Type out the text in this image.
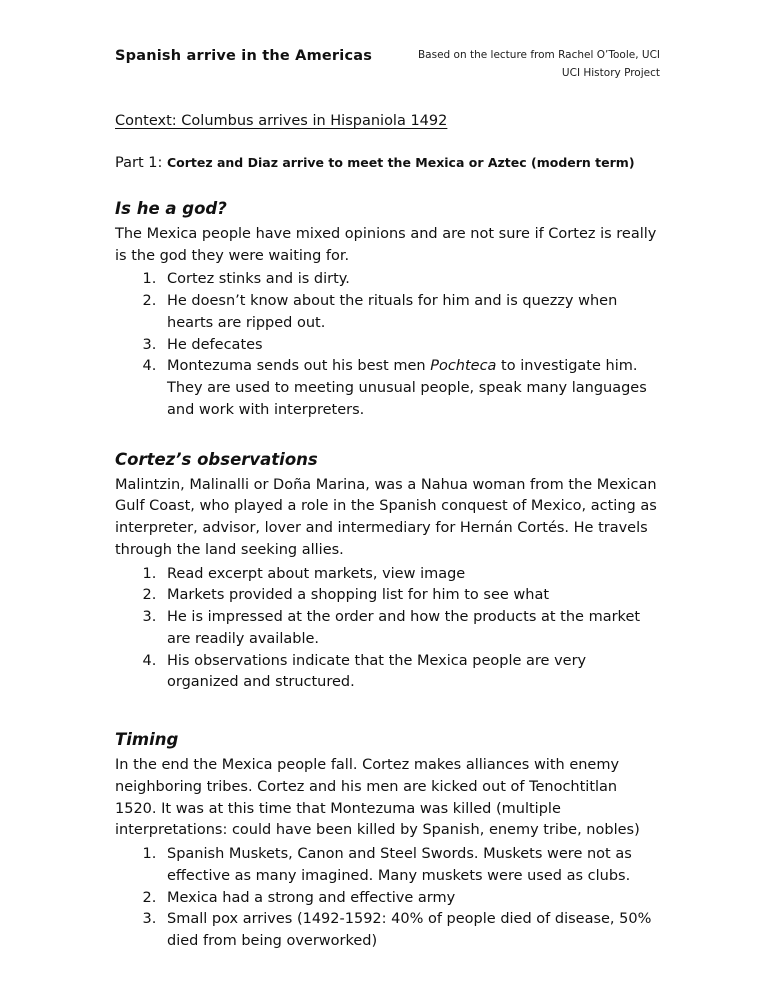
Spanish arrive in the Americas	Based on the lecture from Rachel O’Toole, UCI
UCI History Project

Context: Columbus arrives in Hispaniola 1492

Part 1: Cortez and Diaz arrive to meet the Mexica or Aztec (modern term)

Is he a god?

The Mexica people have mixed opinions and are not sure if Cortez is really is the god they were waiting for.

1. Cortez stinks and is dirty.
2. He doesn’t know about the rituals for him and is quezzy when hearts are ripped out.
3. He defecates
4. Montezuma sends out his best men Pochteca to investigate him. They are used to meeting unusual people, speak many languages and work with interpreters.
Cortez’s observations

Malintzin, Malinalli or Doña Marina, was a Nahua woman from the Mexican Gulf Coast, who played a role in the Spanish conquest of Mexico, acting as interpreter, advisor, lover and intermediary for Hernán Cortés. He travels through the land seeking allies.

1. Read excerpt about markets, view image
2. Markets provided a shopping list for him to see what
3. He is impressed at the order and how the products at the market are readily available.
4. His observations indicate that the Mexica people are very organized and structured.
Timing

In the end the Mexica people fall. Cortez makes alliances with enemy neighboring tribes. Cortez and his men are kicked out of Tenochtitlan 1520. It was at this time that Montezuma was killed (multiple interpretations: could have been killed by Spanish, enemy tribe, nobles)

1. Spanish Muskets, Canon and Steel Swords. Muskets were not as effective as many imagined. Many muskets were used as clubs.
2. Mexica had a strong and effective army
3. Small pox arrives (1492-1592: 40% of people died of disease, 50% died from being overworked)
